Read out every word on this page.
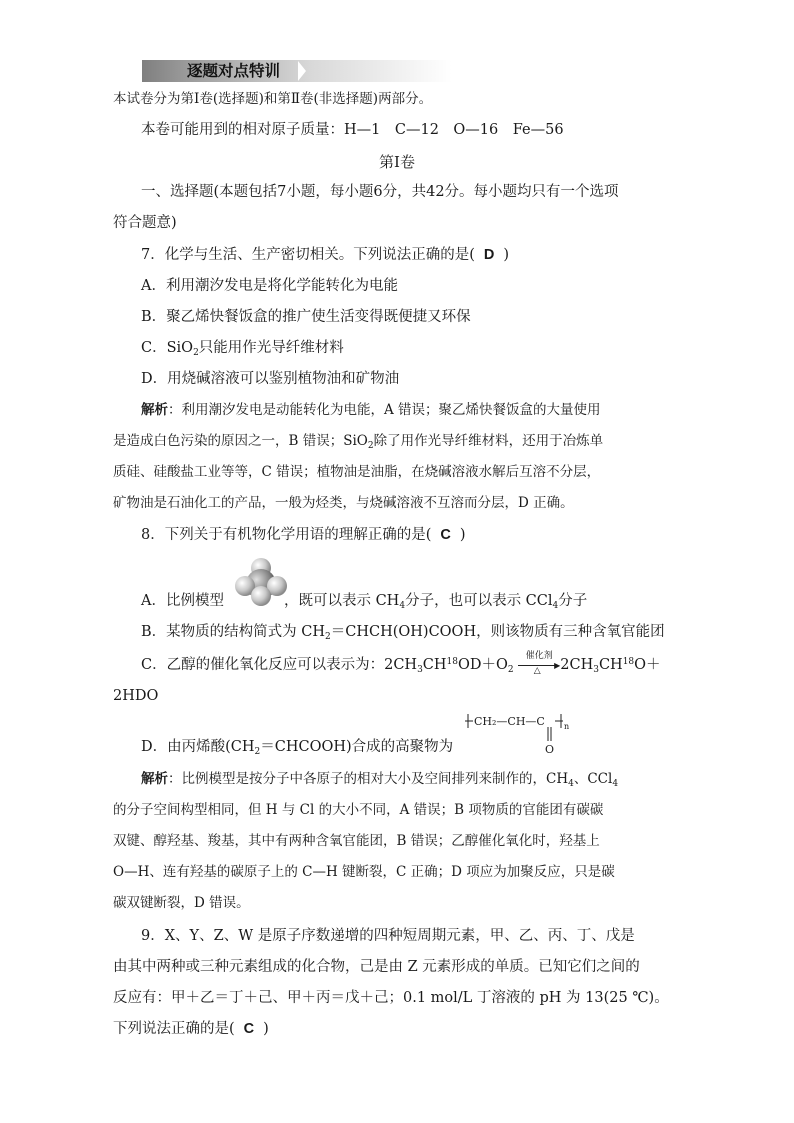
逐题对点特训
本试卷分为第Ⅰ卷(选择题)和第Ⅱ卷(非选择题)两部分。
本卷可能用到的相对原子质量：H—1　C—12　O—16　Fe—56
第Ⅰ卷
一、选择题(本题包括7小题，每小题6分，共42分。每小题均只有一个选项
符合题意)
7．化学与生活、生产密切相关。下列说法正确的是( D )
A．利用潮汐发电是将化学能转化为电能
B．聚乙烯快餐饭盒的推广使生活变得既便捷又环保
C．SiO$_2$只能用作光导纤维材料
D．用烧碱溶液可以鉴别植物油和矿物油
解析：利用潮汐发电是动能转化为电能，A 错误；聚乙烯快餐饭盒的大量使用
是造成白色污染的原因之一，B 错误；SiO$_2$除了用作光导纤维材料，还用于冶炼单
质硅、硅酸盐工业等等，C 错误；植物油是油脂，在烧碱溶液水解后互溶不分层，
矿物油是石油化工的产品，一般为烃类，与烧碱溶液不互溶而分层，D 正确。
8．下列关于有机物化学用语的理解正确的是( C )
A．比例模型	，既可以表示 $CH_4$分子，也可以表示 CCl$_4$分子
B．某物质的结构简式为 $CH_2=CHCH(OH)COOH$，则该物质有三种含氧官能团
C．乙醇的催化氧化反应可以表示为：$2CH_3CH^{18}OD+O_2$
催化剂
▶
△	$2CH_3CH^{18}O+$
2HDO
CH₂—CH—C n
O
D．由丙烯酸$(CH_2=CHCOOH)$合成的高聚物为
解析：比例模型是按分子中各原子的相对大小及空间排列来制作的，$CH_4$、CCl$_4$
的分子空间构型相同，但 H 与 Cl 的大小不同，A 错误；B 项物质的官能团有碳碳
双键、醇羟基、羧基，其中有两种含氧官能团，B 错误；乙醇催化氧化时，羟基上
O—H、连有羟基的碳原子上的 C—H 键断裂，C 正确；D 项应为加聚反应，只是碳
碳双键断裂，D 错误。
9．X、Y、Z、W 是原子序数递增的四种短周期元素，甲、乙、丙、丁、戊是
由其中两种或三种元素组成的化合物，己是由 Z 元素形成的单质。已知它们之间的
反应有：甲＋乙＝丁＋己、甲＋丙＝戊＋己；0.1 mol/L 丁溶液的 pH 为 13(25 ℃)。
下列说法正确的是( C )
